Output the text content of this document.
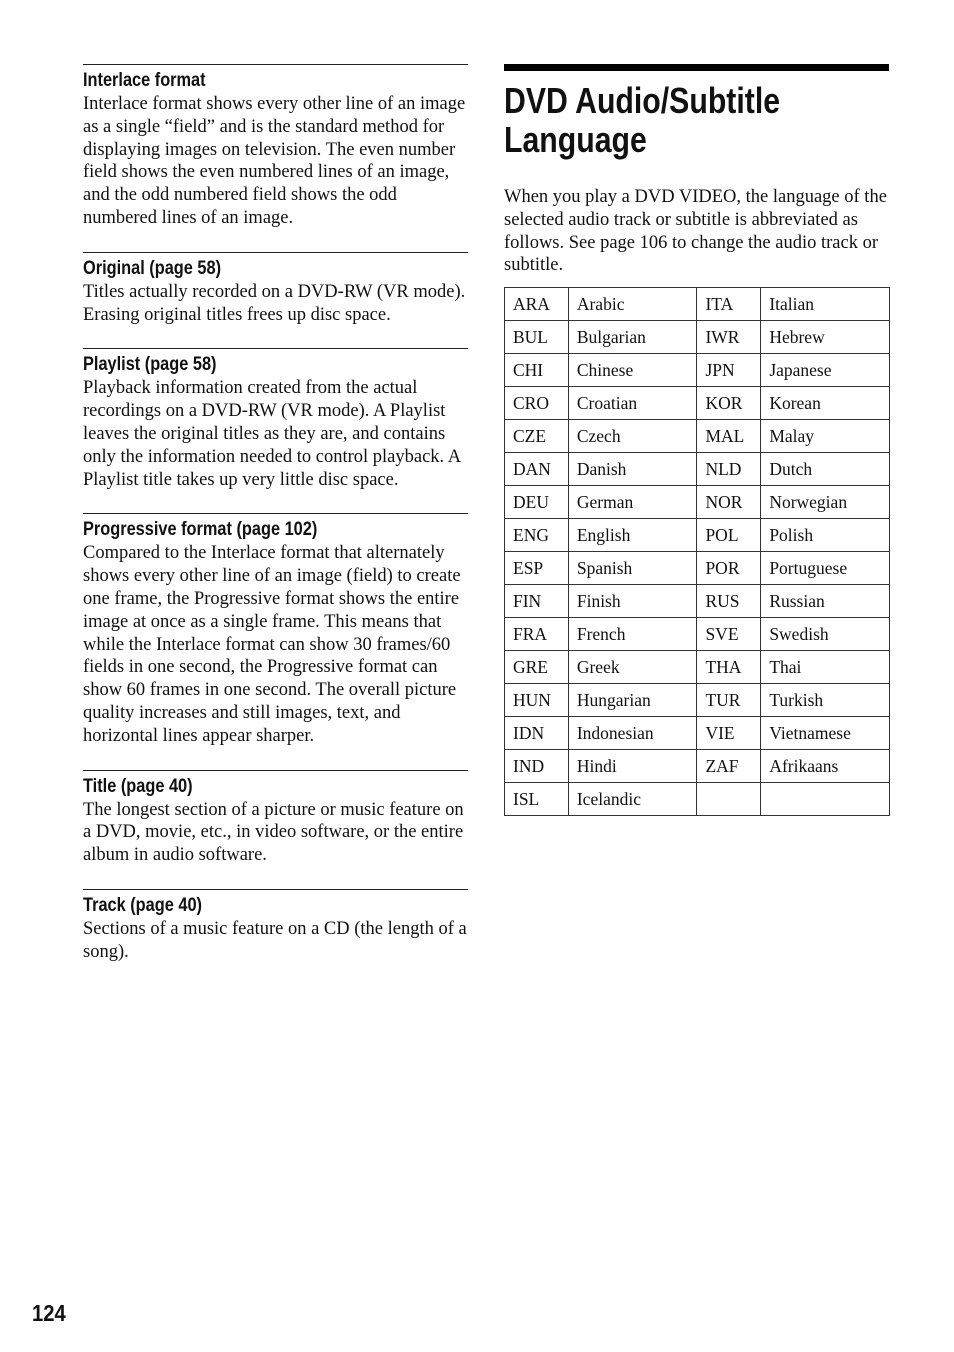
Interlace format

Interlace format shows every other line of an image as a single “field” and is the standard method for displaying images on television. The even number field shows the even numbered lines of an image, and the odd numbered field shows the odd numbered lines of an image.

Original (page 58)

Titles actually recorded on a DVD-RW (VR mode). Erasing original titles frees up disc space.

Playlist (page 58)

Playback information created from the actual recordings on a DVD-RW (VR mode). A Playlist leaves the original titles as they are, and contains only the information needed to control playback. A Playlist title takes up very little disc space.

Progressive format (page 102)

Compared to the Interlace format that alternately shows every other line of an image (field) to create one frame, the Progressive format shows the entire image at once as a single frame. This means that while the Interlace format can show 30 frames/60 fields in one second, the Progressive format can show 60 frames in one second. The overall picture quality increases and still images, text, and horizontal lines appear sharper.

Title (page 40)

The longest section of a picture or music feature on a DVD, movie, etc., in video software, or the entire album in audio software.

Track (page 40)

Sections of a music feature on a CD (the length of a song).

DVD Audio/Subtitle Language

When you play a DVD VIDEO, the language of the selected audio track or subtitle is abbreviated as follows. See page 106 to change the audio track or subtitle.

ARA	Arabic	ITA	Italian
BUL	Bulgarian	IWR	Hebrew
CHI	Chinese	JPN	Japanese
CRO	Croatian	KOR	Korean
CZE	Czech	MAL	Malay
DAN	Danish	NLD	Dutch
DEU	German	NOR	Norwegian
ENG	English	POL	Polish
ESP	Spanish	POR	Portuguese
FIN	Finish	RUS	Russian
FRA	French	SVE	Swedish
GRE	Greek	THA	Thai
HUN	Hungarian	TUR	Turkish
IDN	Indonesian	VIE	Vietnamese
IND	Hindi	ZAF	Afrikaans
ISL	Icelandic		
124
